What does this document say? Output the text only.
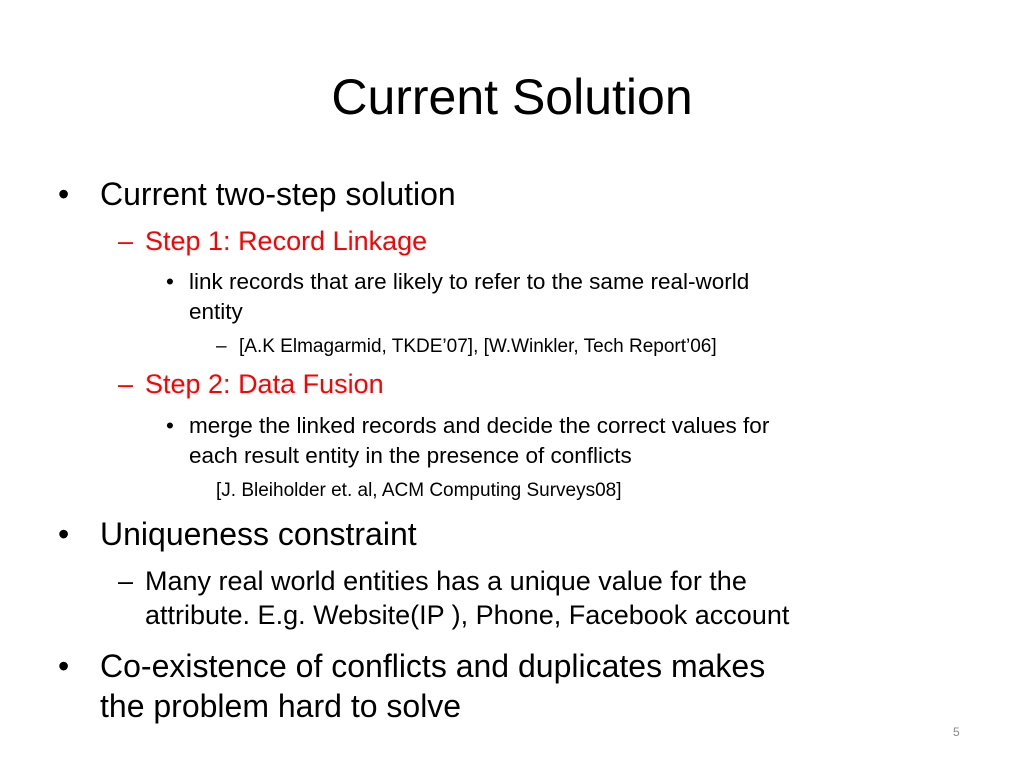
Current Solution
• Current two-step solution
– Step 1: Record Linkage
• link records that are likely to refer to the same real-world
entity
– [A.K Elmagarmid, TKDE’07], [W.Winkler, Tech Report’06]
– Step 2: Data Fusion
• merge the linked records and decide the correct values for
each result entity in the presence of conflicts
[J. Bleiholder et. al, ACM Computing Surveys08]
• Uniqueness constraint
– Many real world entities has a unique value for the
attribute. E.g. Website(IP ), Phone, Facebook account
• Co-existence of conflicts and duplicates makes
the problem hard to solve
5
